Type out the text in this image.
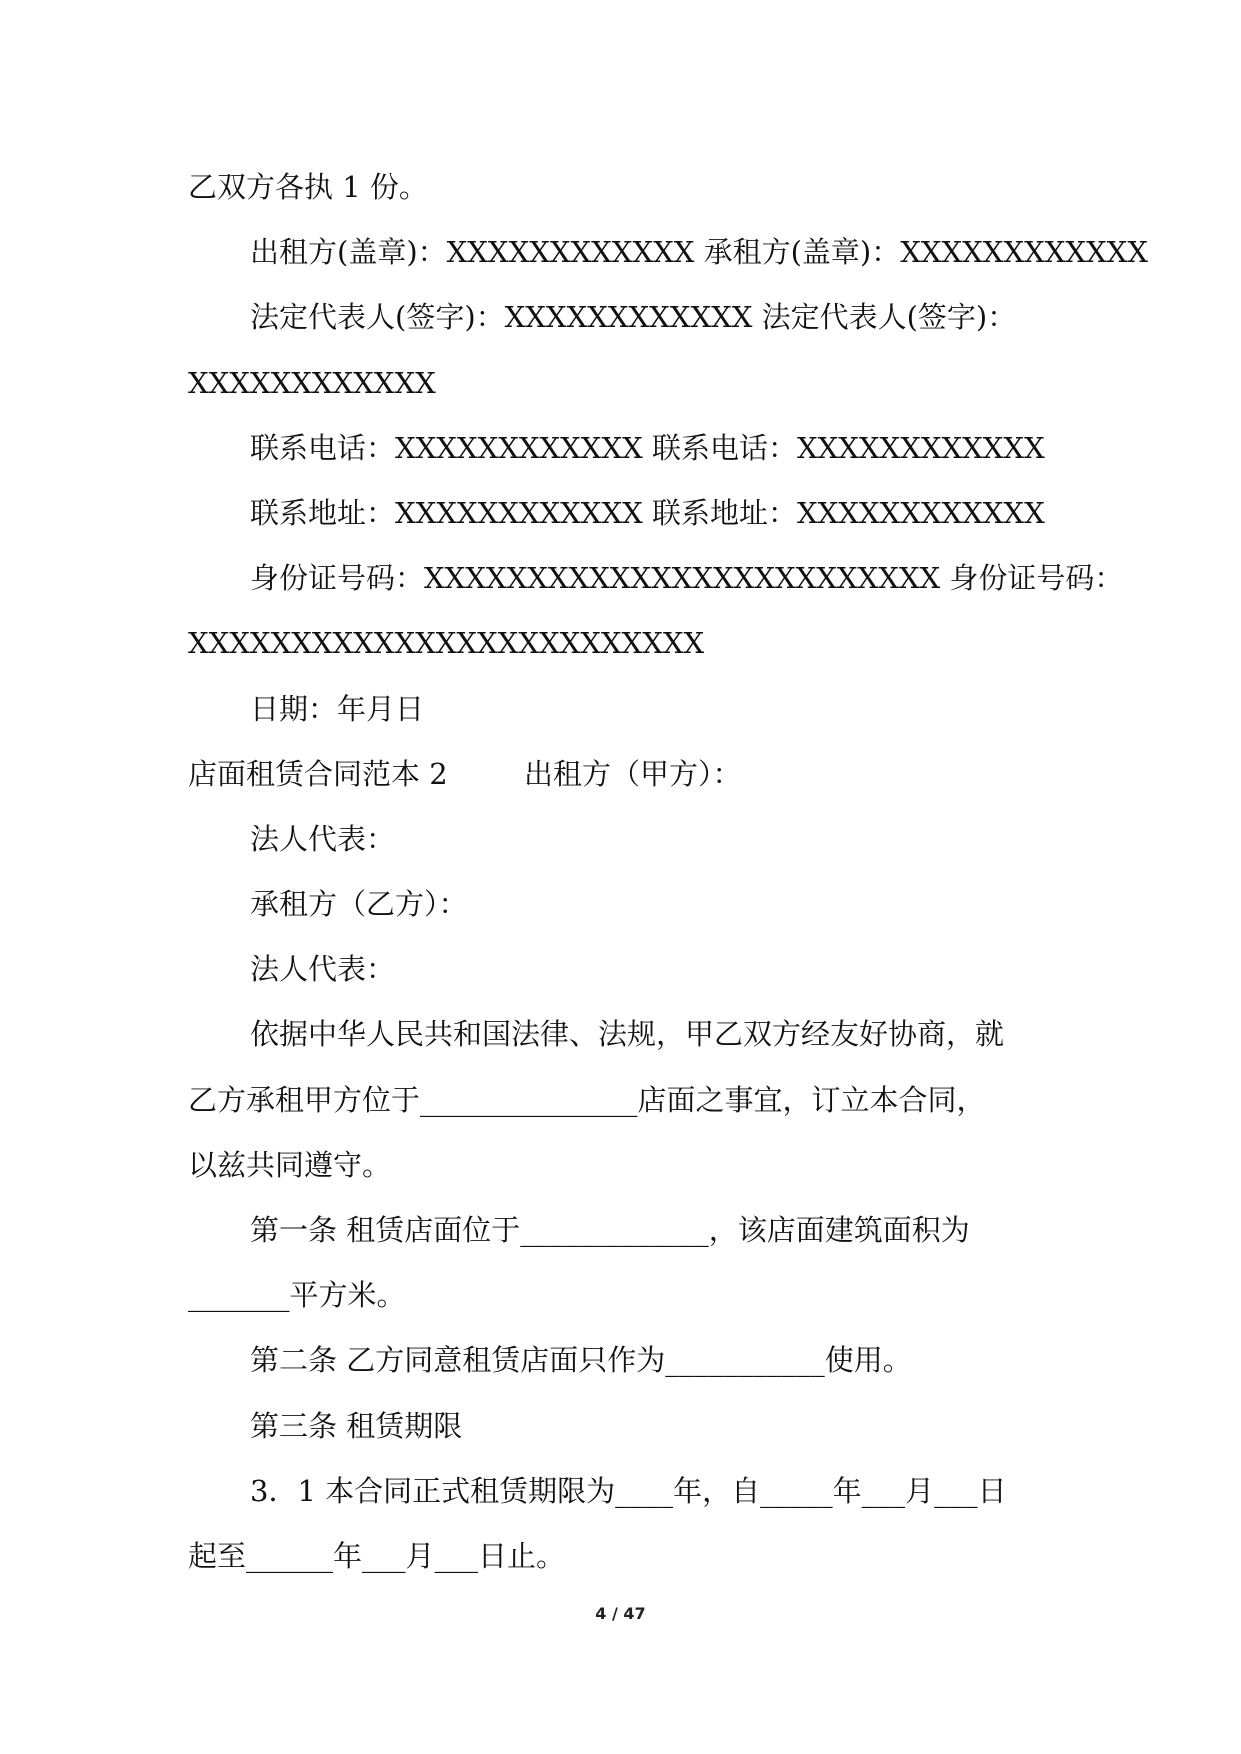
乙双方各执 1 份。
出租方(盖章)：XXXXXXXXXXXX 承租方(盖章)：XXXXXXXXXXXX
法定代表人(签字)：XXXXXXXXXXXX 法定代表人(签字)：
XXXXXXXXXXXX
联系电话：XXXXXXXXXXXX 联系电话：XXXXXXXXXXXX
联系地址：XXXXXXXXXXXX 联系地址：XXXXXXXXXXXX
身份证号码：XXXXXXXXXXXXXXXXXXXXXXXXX 身份证号码：
XXXXXXXXXXXXXXXXXXXXXXXXX
日期：年月日
店面租赁合同范本 2	出租方（甲方）：
法人代表：
承租方（乙方）：
法人代表：
依据中华人民共和国法律、法规，甲乙双方经友好协商，就
乙方承租甲方位于_______________店面之事宜，订立本合同，
以兹共同遵守。
第一条 租赁店面位于_____________，该店面建筑面积为
_______平方米。
第二条 乙方同意租赁店面只作为___________使用。
第三条 租赁期限
3．1 本合同正式租赁期限为____年，自_____年___月___日
起至______年___月___日止。
4 / 47
